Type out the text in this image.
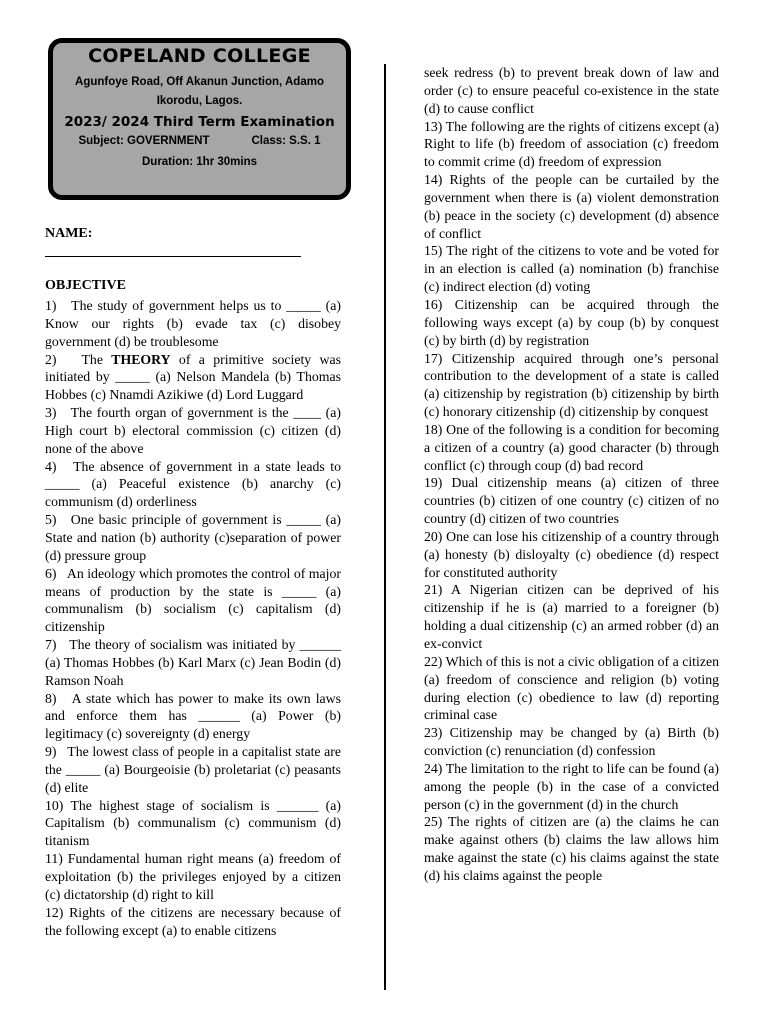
COPELAND COLLEGE
Agunfoye Road, Off Akanun Junction, Adamo Ikorodu, Lagos.
2023/ 2024 Third Term Examination
Subject: GOVERNMENT	Class: S.S. 1
Duration: 1hr 30mins
NAME:
OBJECTIVE
1)   The study of government helps us to _____ (a) Know our rights (b) evade tax (c) disobey government (d) be troublesome
2)   The THEORY of a primitive society was initiated by _____ (a) Nelson Mandela (b) Thomas Hobbes (c) Nnamdi Azikiwe (d) Lord Luggard
3)   The fourth organ of government is the ____ (a) High court b) electoral commission (c) citizen (d) none of the above
4)   The absence of government in a state leads to _____ (a) Peaceful existence (b) anarchy (c) communism (d) orderliness
5)   One basic principle of government is _____ (a) State and nation (b) authority (c)separation of power (d) pressure group
6)   An ideology which promotes the control of major means of production by the state is _____ (a) communalism (b) socialism (c) capitalism (d) citizenship
7)   The theory of socialism was initiated by ______ (a) Thomas Hobbes (b) Karl Marx (c) Jean Bodin (d) Ramson Noah
8)   A state which has power to make its own laws and enforce them has ______ (a) Power (b) legitimacy (c) sovereignty (d) energy
9)   The lowest class of people in a capitalist state are the _____ (a) Bourgeoisie (b) proletariat (c) peasants (d) elite
10) The highest stage of socialism is ______ (a) Capitalism (b) communalism (c) communism (d) titanism
11) Fundamental human right means (a) freedom of exploitation (b) the privileges enjoyed by a citizen (c) dictatorship (d) right to kill
12) Rights of the citizens are necessary because of the following except (a) to enable citizens
seek redress (b) to prevent break down of law and order (c) to ensure peaceful co-existence in the state (d) to cause conflict
13) The following are the rights of citizens except (a) Right to life (b) freedom of association (c) freedom to commit crime (d) freedom of expression
14) Rights of the people can be curtailed by the government when there is (a) violent demonstration (b) peace in the society (c) development (d) absence of conflict
15) The right of the citizens to vote and be voted for in an election is called (a) nomination (b) franchise (c) indirect election (d) voting
16) Citizenship can be acquired through the following ways except (a) by coup (b) by conquest (c) by birth (d) by registration
17) Citizenship acquired through one’s personal contribution to the development of a state is called (a) citizenship by registration (b) citizenship by birth (c) honorary citizenship (d) citizenship by conquest
18) One of the following is a condition for becoming a citizen of a country (a) good character (b) through conflict (c) through coup (d) bad record
19) Dual citizenship means (a) citizen of three countries (b) citizen of one country (c) citizen of no country (d) citizen of two countries
20) One can lose his citizenship of a country through (a) honesty (b) disloyalty (c) obedience (d) respect for constituted authority
21) A Nigerian citizen can be deprived of his citizenship if he is (a) married to a foreigner (b) holding a dual citizenship (c) an armed robber (d) an ex-convict
22) Which of this is not a civic obligation of a citizen (a) freedom of conscience and religion (b) voting during election (c) obedience to law (d) reporting criminal case
23) Citizenship may be changed by (a) Birth (b) conviction (c) renunciation (d) confession
24) The limitation to the right to life can be found (a) among the people (b) in the case of a convicted person (c) in the government (d) in the church
25) The rights of citizen are (a) the claims he can make against others (b) claims the law allows him make against the state (c) his claims against the state (d) his claims against the people
